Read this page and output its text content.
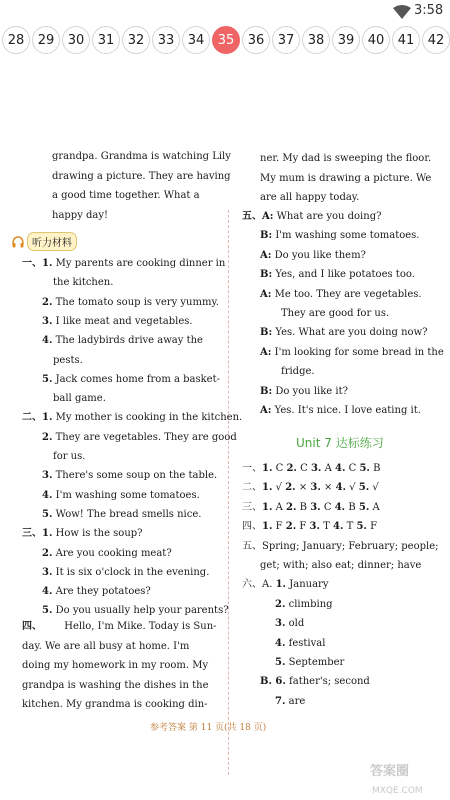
3:58
28	29	30	31	32	33	34	35	36	37	38	39	40	41	42
grandpa. Grandma is watching Lily
drawing a picture. They are having
a good time together. What a
happy day!
一、1. My parents are cooking dinner in
the kitchen.
2. The tomato soup is very yummy.
3. I like meat and vegetables.
4. The ladybirds drive away the
pests.
5. Jack comes home from a basket-
ball game.
二、1. My mother is cooking in the kitchen.
2. They are vegetables. They are good
for us.
3. There's some soup on the table.
4. I'm washing some tomatoes.
5. Wow! The bread smells nice.
三、1. How is the soup?
2. Are you cooking meat?
3. It is six o'clock in the evening.
4. Are they potatoes?
5. Do you usually help your parents?
四、       Hello, I'm Mike. Today is Sun-
day. We are all busy at home. I'm
doing my homework in my room. My
grandpa is washing the dishes in the
kitchen. My grandma is cooking din-
ner. My dad is sweeping the floor.
My mum is drawing a picture. We
are all happy today.
五、A: What are you doing?
B: I'm washing some tomatoes.
A: Do you like them?
B: Yes, and I like potatoes too.
A: Me too. They are vegetables.
They are good for us.
B: Yes. What are you doing now?
A: I'm looking for some bread in the
fridge.
B: Do you like it?
A: Yes. It's nice. I love eating it.
一、1. C 2. C 3. A 4. C 5. B
二、1. √ 2. × 3. × 4. √ 5. √
三、1. A 2. B 3. C 4. B 5. A
四、1. F 2. F 3. T 4. T 5. F
五、Spring; January; February; people;
get; with; also eat; dinner; have
六、A. 1. January
2. climbing
3. old
4. festival
5. September
B. 6. father's; second
7. are
听力材料
Unit 7 达标练习
参考答案 第 11 页(共 18 页)
答案圈
MXQE.COM
